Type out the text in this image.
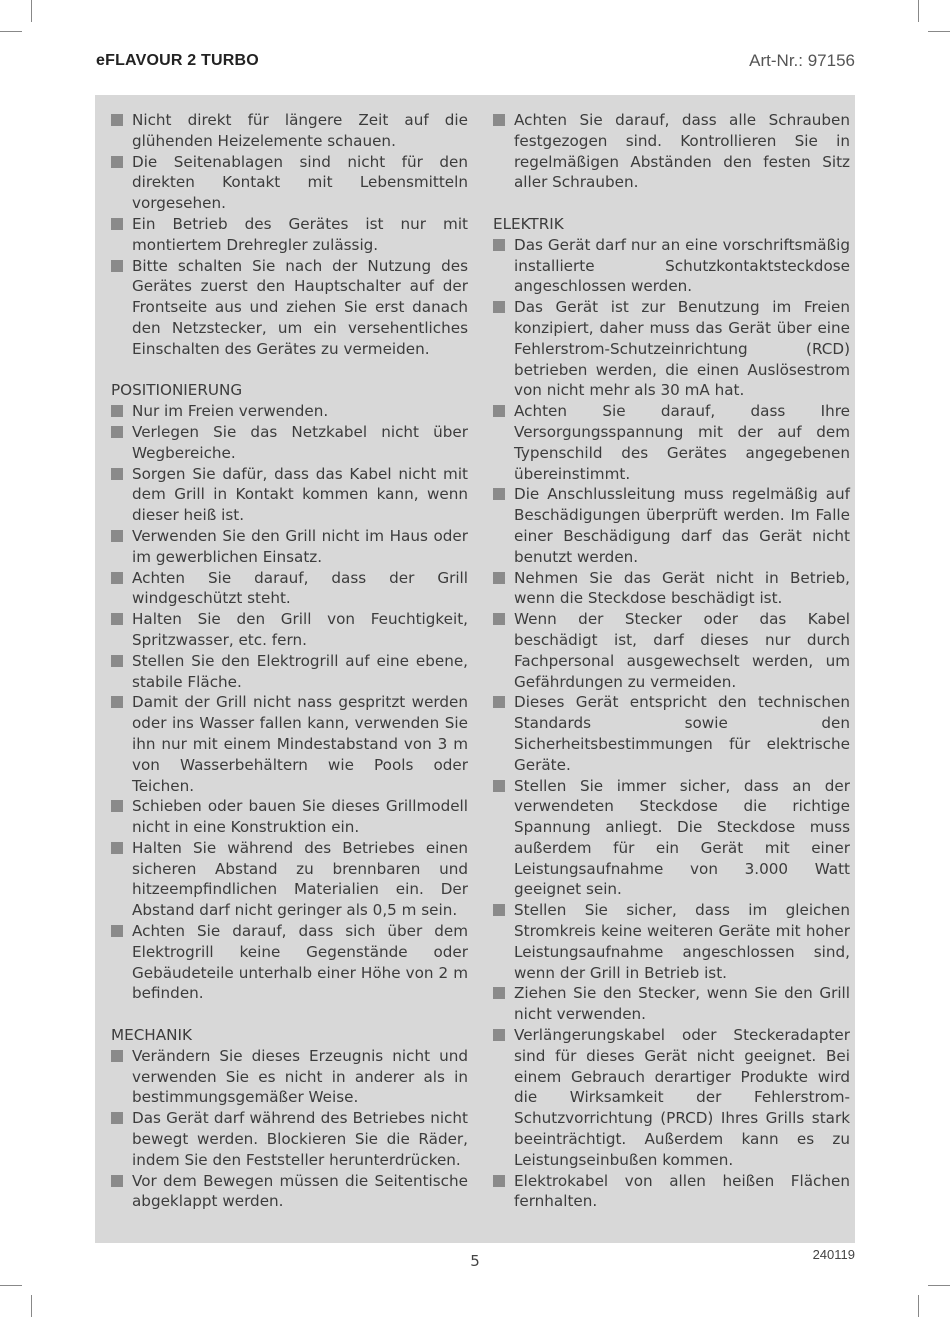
eFLAVOUR 2 TURBO	Art-Nr.: 97156
Nicht direkt für längere Zeit auf die glühenden Heizelemente schauen.
Die Seitenablagen sind nicht für den direkten Kontakt mit Lebensmitteln vorgesehen.
Ein Betrieb des Gerätes ist nur mit montiertem Drehregler zulässig.
Bitte schalten Sie nach der Nutzung des Gerätes zuerst den Hauptschalter auf der Frontseite aus und ziehen Sie erst danach den Netzstecker, um ein versehentliches Einschalten des Gerätes zu vermeiden.
POSITIONIERUNG
Nur im Freien verwenden.
Verlegen Sie das Netzkabel nicht über Wegbereiche.
Sorgen Sie dafür, dass das Kabel nicht mit dem Grill in Kontakt kommen kann, wenn dieser heiß ist.
Verwenden Sie den Grill nicht im Haus oder im gewerblichen Einsatz.
Achten Sie darauf, dass der Grill windgeschützt steht.
Halten Sie den Grill von Feuchtigkeit, Spritzwasser, etc. fern.
Stellen Sie den Elektrogrill auf eine ebene, stabile Fläche.
Damit der Grill nicht nass gespritzt werden oder ins Wasser fallen kann, verwenden Sie ihn nur mit einem Mindestabstand von 3 m von Wasserbehältern wie Pools oder Teichen.
Schieben oder bauen Sie dieses Grillmodell nicht in eine Konstruktion ein.
Halten Sie während des Betriebes einen sicheren Abstand zu brennbaren und hitzeempfindlichen Materialien ein. Der Abstand darf nicht geringer als 0,5 m sein.
Achten Sie darauf, dass sich über dem Elektrogrill keine Gegenstände oder Gebäudeteile unterhalb einer Höhe von 2 m befinden.
MECHANIK
Verändern Sie dieses Erzeugnis nicht und verwenden Sie es nicht in anderer als in bestimmungsgemäßer Weise.
Das Gerät darf während des Betriebes nicht bewegt werden. Blockieren Sie die Räder, indem Sie den Feststeller herunterdrücken.
Vor dem Bewegen müssen die Seitentische abgeklappt werden.
Achten Sie darauf, dass alle Schrauben festgezogen sind. Kontrollieren Sie in regelmäßigen Abständen den festen Sitz aller Schrauben.
ELEKTRIK
Das Gerät darf nur an eine vorschriftsmäßig installierte Schutzkontaktsteckdose angeschlossen werden.
Das Gerät ist zur Benutzung im Freien konzipiert, daher muss das Gerät über eine Fehlerstrom-Schutzeinrichtung (RCD) betrieben werden, die einen Auslösestrom von nicht mehr als 30 mA hat.
Achten Sie darauf, dass Ihre Versorgungsspannung mit der auf dem Typenschild des Gerätes angegebenen übereinstimmt.
Die Anschlussleitung muss regelmäßig auf Beschädigungen überprüft werden. Im Falle einer Beschädigung darf das Gerät nicht benutzt werden.
Nehmen Sie das Gerät nicht in Betrieb, wenn die Steckdose beschädigt ist.
Wenn der Stecker oder das Kabel beschädigt ist, darf dieses nur durch Fachpersonal ausgewechselt werden, um Gefährdungen zu vermeiden.
Dieses Gerät entspricht den technischen Standards sowie den Sicherheitsbestimmungen für elektrische Geräte.
Stellen Sie immer sicher, dass an der verwendeten Steckdose die richtige Spannung anliegt. Die Steckdose muss außerdem für ein Gerät mit einer Leistungsaufnahme von 3.000 Watt geeignet sein.
Stellen Sie sicher, dass im gleichen Stromkreis keine weiteren Geräte mit hoher Leistungsaufnahme angeschlossen sind, wenn der Grill in Betrieb ist.
Ziehen Sie den Stecker, wenn Sie den Grill nicht verwenden.
Verlängerungskabel oder Steckeradapter sind für dieses Gerät nicht geeignet. Bei einem Gebrauch derartiger Produkte wird die Wirksamkeit der Fehlerstrom-Schutzvorrichtung (PRCD) Ihres Grills stark beeinträchtigt. Außerdem kann es zu Leistungseinbußen kommen.
Elektrokabel von allen heißen Flächen fernhalten.
5	240119
